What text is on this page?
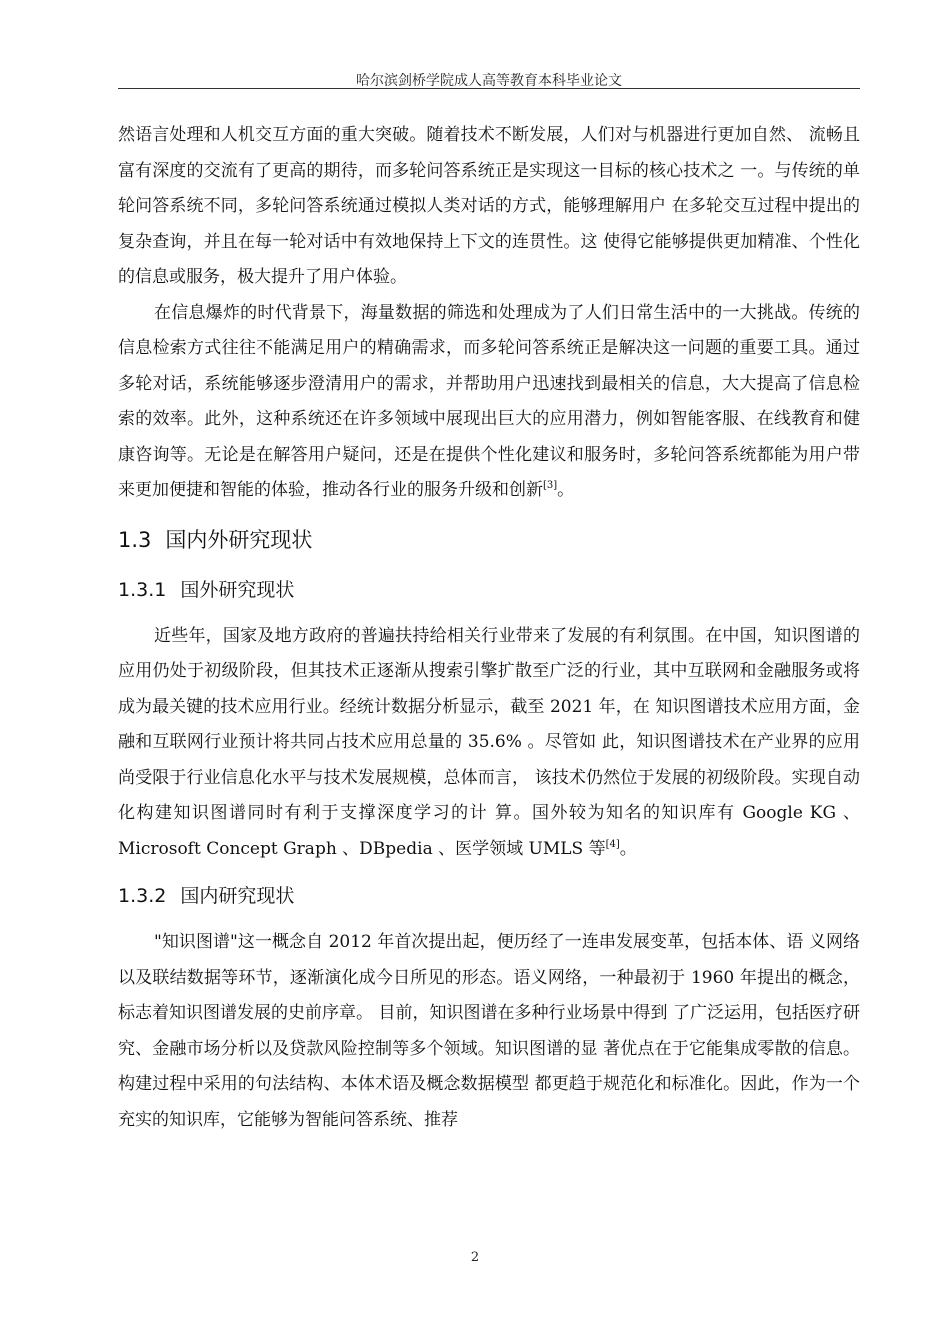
哈尔滨剑桥学院成人高等教育本科毕业论文

然语言处理和人机交互方面的重大突破。随着技术不断发展，人们对与机器进行更加自然、 流畅且富有深度的交流有了更高的期待，而多轮问答系统正是实现这一目标的核心技术之 一。与传统的单轮问答系统不同，多轮问答系统通过模拟人类对话的方式，能够理解用户 在多轮交互过程中提出的复杂查询，并且在每一轮对话中有效地保持上下文的连贯性。这 使得它能够提供更加精准、个性化的信息或服务，极大提升了用户体验。

在信息爆炸的时代背景下，海量数据的筛选和处理成为了人们日常生活中的一大挑战。传统的信息检索方式往往不能满足用户的精确需求，而多轮问答系统正是解决这一问题的重要工具。通过多轮对话，系统能够逐步澄清用户的需求，并帮助用户迅速找到最相关的信息，大大提高了信息检索的效率。此外，这种系统还在许多领域中展现出巨大的应用潜力，例如智能客服、在线教育和健康咨询等。无论是在解答用户疑问，还是在提供个性化建议和服务时，多轮问答系统都能为用户带来更加便捷和智能的体验，推动各行业的服务升级和创新[3]。

1.3 国内外研究现状
1.3.1 国外研究现状

近些年，国家及地方政府的普遍扶持给相关行业带来了发展的有利氛围。在中国，知识图谱的应用仍处于初级阶段，但其技术正逐渐从搜索引擎扩散至广泛的行业，其中互联网和金融服务或将成为最关键的技术应用行业。经统计数据分析显示，截至 2021 年，在 知识图谱技术应用方面，金融和互联网行业预计将共同占技术应用总量的 35.6% 。尽管如 此，知识图谱技术在产业界的应用尚受限于行业信息化水平与技术发展规模，总体而言， 该技术仍然位于发展的初级阶段。实现自动化构建知识图谱同时有利于支撑深度学习的计 算。国外较为知名的知识库有 Google KG 、Microsoft Concept Graph 、DBpedia 、医学领域 UMLS 等[4]。

1.3.2 国内研究现状

"知识图谱"这一概念自 2012 年首次提出起，便历经了一连串发展变革，包括本体、语 义网络以及联结数据等环节，逐渐演化成今日所见的形态。语义网络，一种最初于 1960 年提出的概念，标志着知识图谱发展的史前序章。 目前，知识图谱在多种行业场景中得到 了广泛运用，包括医疗研究、金融市场分析以及贷款风险控制等多个领域。知识图谱的显 著优点在于它能集成零散的信息。构建过程中采用的句法结构、本体术语及概念数据模型 都更趋于规范化和标准化。因此，作为一个充实的知识库，它能够为智能问答系统、推荐

2
